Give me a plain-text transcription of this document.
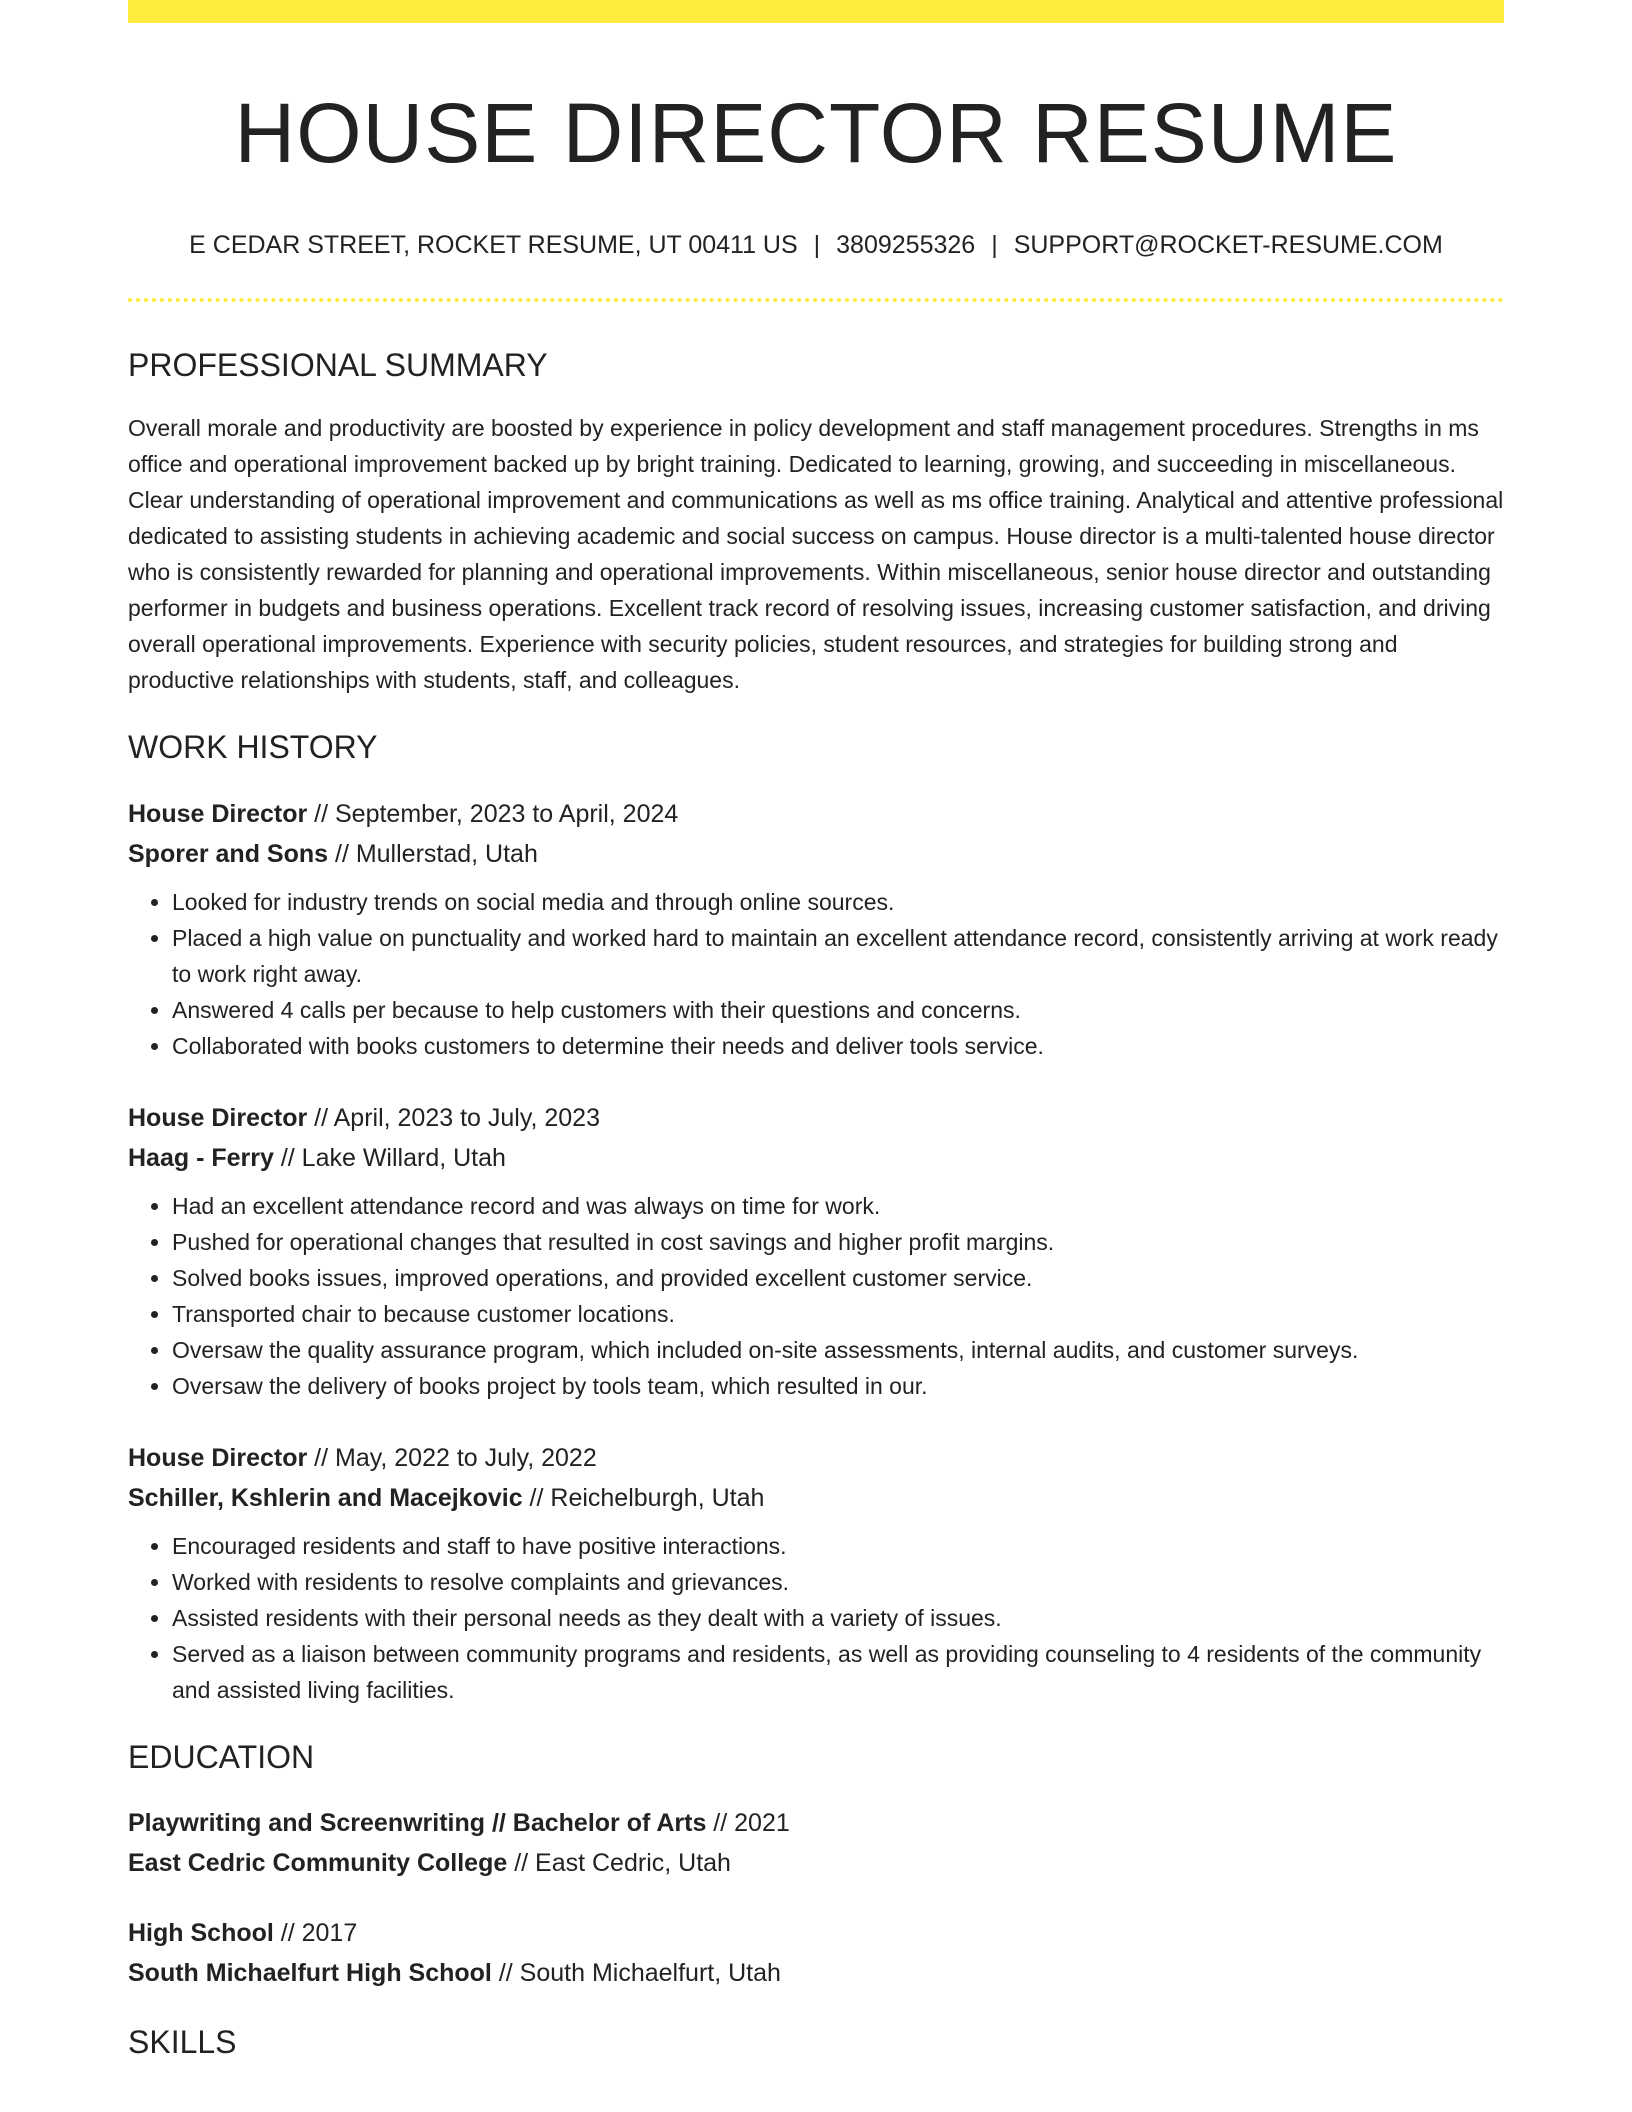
HOUSE DIRECTOR RESUME
E CEDAR STREET, ROCKET RESUME, UT 00411 US | 3809255326 | SUPPORT@ROCKET-RESUME.COM
PROFESSIONAL SUMMARY
Overall morale and productivity are boosted by experience in policy development and staff management procedures. Strengths in ms office and operational improvement backed up by bright training. Dedicated to learning, growing, and succeeding in miscellaneous. Clear understanding of operational improvement and communications as well as ms office training. Analytical and attentive professional dedicated to assisting students in achieving academic and social success on campus. House director is a multi-talented house director who is consistently rewarded for planning and operational improvements. Within miscellaneous, senior house director and outstanding performer in budgets and business operations. Excellent track record of resolving issues, increasing customer satisfaction, and driving overall operational improvements. Experience with security policies, student resources, and strategies for building strong and productive relationships with students, staff, and colleagues.
WORK HISTORY
House Director // September, 2023 to April, 2024
Sporer and Sons // Mullerstad, Utah
• Looked for industry trends on social media and through online sources.
• Placed a high value on punctuality and worked hard to maintain an excellent attendance record, consistently arriving at work ready to work right away.
• Answered 4 calls per because to help customers with their questions and concerns.
• Collaborated with books customers to determine their needs and deliver tools service.
House Director // April, 2023 to July, 2023
Haag - Ferry // Lake Willard, Utah
• Had an excellent attendance record and was always on time for work.
• Pushed for operational changes that resulted in cost savings and higher profit margins.
• Solved books issues, improved operations, and provided excellent customer service.
• Transported chair to because customer locations.
• Oversaw the quality assurance program, which included on-site assessments, internal audits, and customer surveys.
• Oversaw the delivery of books project by tools team, which resulted in our.
House Director // May, 2022 to July, 2022
Schiller, Kshlerin and Macejkovic // Reichelburgh, Utah
• Encouraged residents and staff to have positive interactions.
• Worked with residents to resolve complaints and grievances.
• Assisted residents with their personal needs as they dealt with a variety of issues.
• Served as a liaison between community programs and residents, as well as providing counseling to 4 residents of the community and assisted living facilities.
EDUCATION
Playwriting and Screenwriting // Bachelor of Arts // 2021
East Cedric Community College // East Cedric, Utah
High School // 2017
South Michaelfurt High School // South Michaelfurt, Utah
SKILLS
